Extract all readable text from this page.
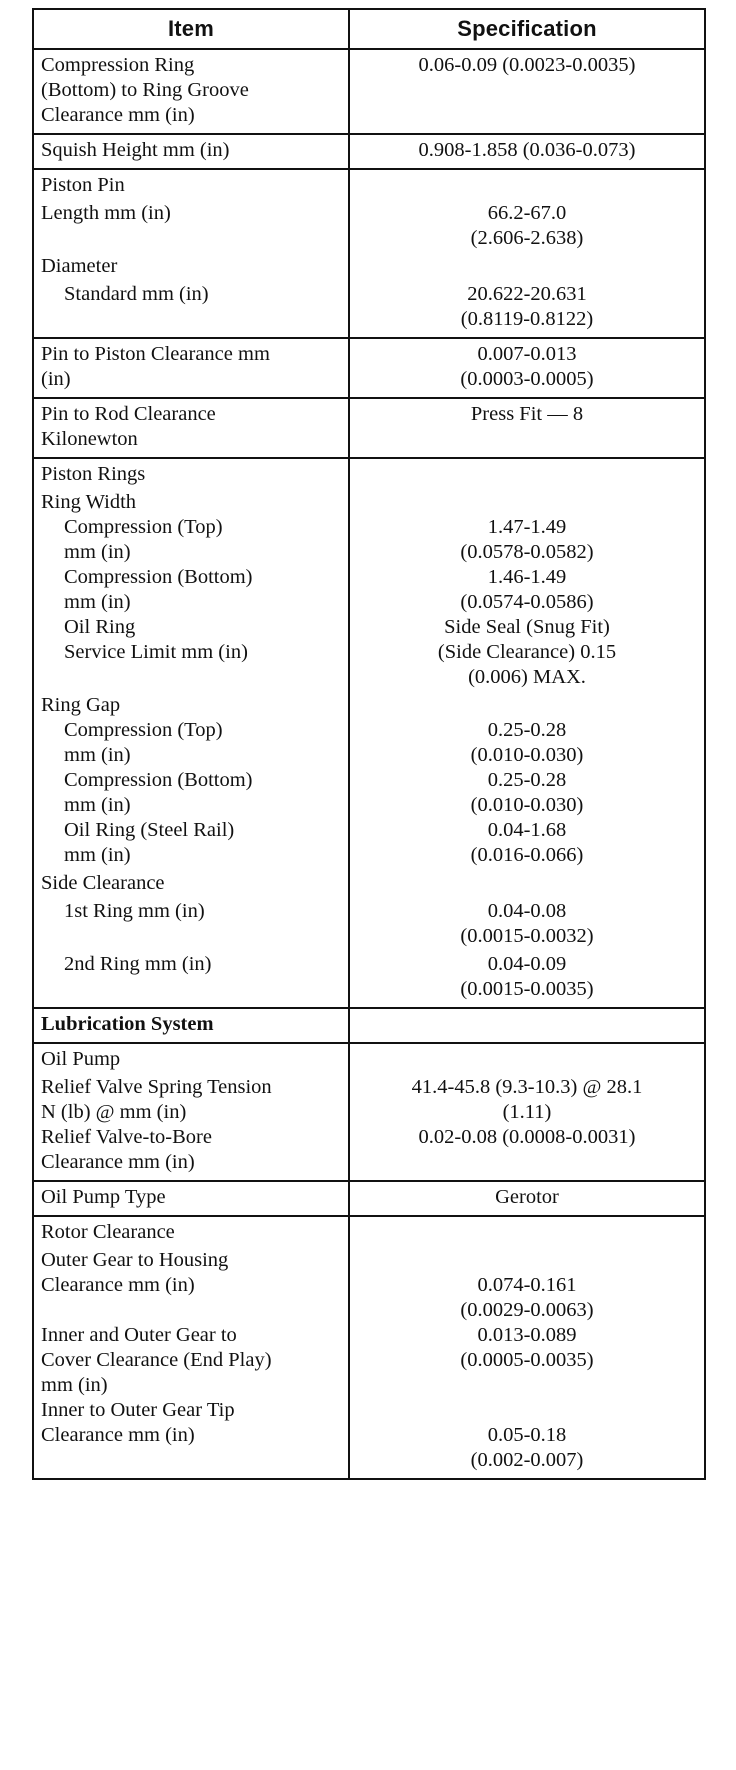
Item	Specification

Compression Ring
(Bottom) to Ring Groove
Clearance mm (in)	0.06-0.09 (0.0023-0.0035)

Squish Height mm (in)	0.908-1.858 (0.036-0.073)

Piston Pin	

Length mm (in)	66.2-67.0
(2.606-2.638)

Diameter	

Standard mm (in)	20.622-20.631
(0.8119-0.8122)

Pin to Piston Clearance mm
(in)	0.007-0.013
(0.0003-0.0005)

Pin to Rod Clearance
Kilonewton	Press Fit — 8

Piston Rings	

Ring Width	

Compression (Top)
mm (in)	1.47-1.49
(0.0578-0.0582)

Compression (Bottom)
mm (in)	1.46-1.49
(0.0574-0.0586)

Oil Ring	Side Seal (Snug Fit)

Service Limit mm (in)	(Side Clearance) 0.15
(0.006) MAX.

Ring Gap	

Compression (Top)
mm (in)	0.25-0.28
(0.010-0.030)

Compression (Bottom)
mm (in)	0.25-0.28
(0.010-0.030)

Oil Ring (Steel Rail)
mm (in)	0.04-1.68
(0.016-0.066)

Side Clearance	

1st Ring mm (in)	0.04-0.08
(0.0015-0.0032)

2nd Ring mm (in)	0.04-0.09
(0.0015-0.0035)

Lubrication System	

Oil Pump	

Relief Valve Spring Tension
N (lb) @ mm (in)	41.4-45.8 (9.3-10.3) @ 28.1
(1.11)

Relief Valve-to-Bore
Clearance mm (in)	0.02-0.08 (0.0008-0.0031)

Oil Pump Type	Gerotor

Rotor Clearance	

Outer Gear to Housing
Clearance mm (in)	0.074-0.161
(0.0029-0.0063)

Inner and Outer Gear to
Cover Clearance (End Play)
mm (in)	0.013-0.089
(0.0005-0.0035)

Inner to Outer Gear Tip
Clearance mm (in)	0.05-0.18
(0.002-0.007)
